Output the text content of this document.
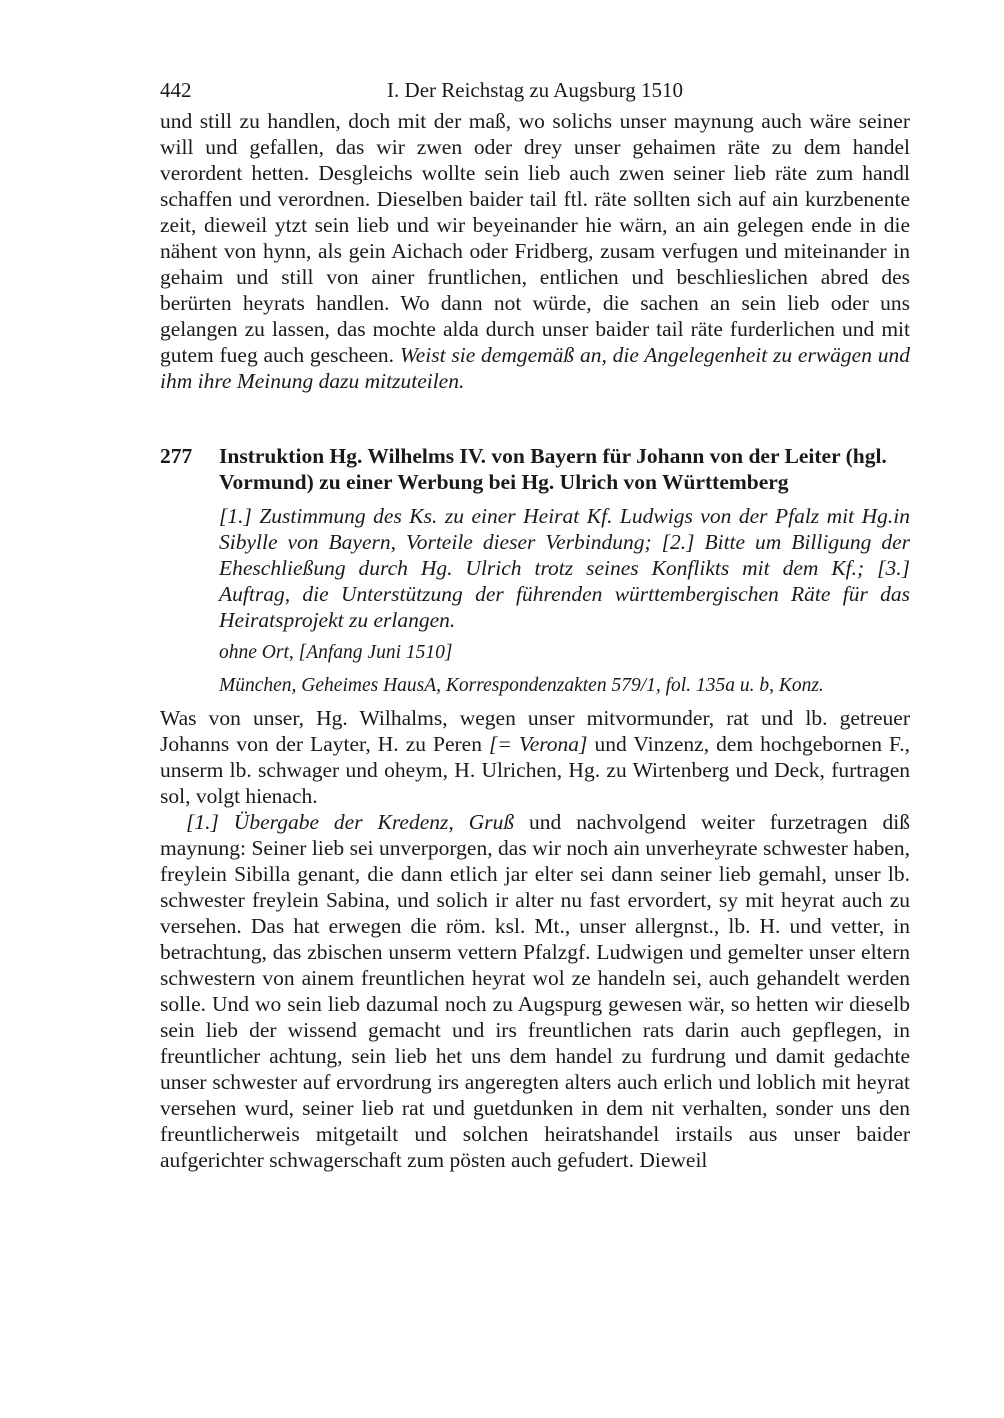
442	I. Der Reichstag zu Augsburg 1510

und still zu handlen, doch mit der maß, wo solichs unser maynung auch wäre seiner will und gefallen, das wir zwen oder drey unser gehaimen räte zu dem handel verordent hetten. Desgleichs wollte sein lieb auch zwen seiner lieb räte zum handl schaffen und verordnen. Dieselben baider tail ftl. räte sollten sich auf ain kurzbenente zeit, dieweil ytzt sein lieb und wir beyeinander hie wärn, an ain gelegen ende in die nähent von hynn, als gein Aichach oder Fridberg, zusam verfugen und miteinander in gehaim und still von ainer fruntlichen, entlichen und beschlieslichen abred des berürten heyrats handlen. Wo dann not würde, die sachen an sein lieb oder uns gelangen zu lassen, das mochte alda durch unser baider tail räte furderlichen und mit gutem fueg auch gescheen. Weist sie demgemäß an, die Angelegenheit zu erwägen und ihm ihre Meinung dazu mitzuteilen.

277 Instruktion Hg. Wilhelms IV. von Bayern für Johann von der Leiter (hgl. Vormund) zu einer Werbung bei Hg. Ulrich von Württemberg

[1.] Zustimmung des Ks. zu einer Heirat Kf. Ludwigs von der Pfalz mit Hg.in Sibylle von Bayern, Vorteile dieser Verbindung; [2.] Bitte um Billigung der Eheschließung durch Hg. Ulrich trotz seines Konflikts mit dem Kf.; [3.] Auftrag, die Unterstützung der führenden württembergischen Räte für das Heiratsprojekt zu erlangen.

ohne Ort, [Anfang Juni 1510]

München, Geheimes HausA, Korrespondenzakten 579/1, fol. 135a u. b, Konz.

Was von unser, Hg. Wilhalms, wegen unser mitvormunder, rat und lb. getreuer Johanns von der Layter, H. zu Peren [= Verona] und Vinzenz, dem hochgebornen F., unserm lb. schwager und oheym, H. Ulrichen, Hg. zu Wirtenberg und Deck, furtragen sol, volgt hienach.

[1.] Übergabe der Kredenz, Gruß und nachvolgend weiter furzetragen diß maynung: Seiner lieb sei unverporgen, das wir noch ain unverheyrate schwester haben, freylein Sibilla genant, die dann etlich jar elter sei dann seiner lieb gemahl, unser lb. schwester freylein Sabina, und solich ir alter nu fast ervordert, sy mit heyrat auch zu versehen. Das hat erwegen die röm. ksl. Mt., unser allergnst., lb. H. und vetter, in betrachtung, das zbischen unserm vettern Pfalzgf. Ludwigen und gemelter unser eltern schwestern von ainem freuntlichen heyrat wol ze handeln sei, auch gehandelt werden solle. Und wo sein lieb dazumal noch zu Augspurg gewesen wär, so hetten wir dieselb sein lieb der wissend gemacht und irs freuntlichen rats darin auch gepflegen, in freuntlicher achtung, sein lieb het uns dem handel zu furdrung und damit gedachte unser schwester auf ervordrung irs angeregten alters auch erlich und loblich mit heyrat versehen wurd, seiner lieb rat und guetdunken in dem nit verhalten, sonder uns den freuntlicherweis mitgetailt und solchen heiratshandel irstails aus unser baider aufgerichter schwagerschaft zum pösten auch gefudert. Dieweil
